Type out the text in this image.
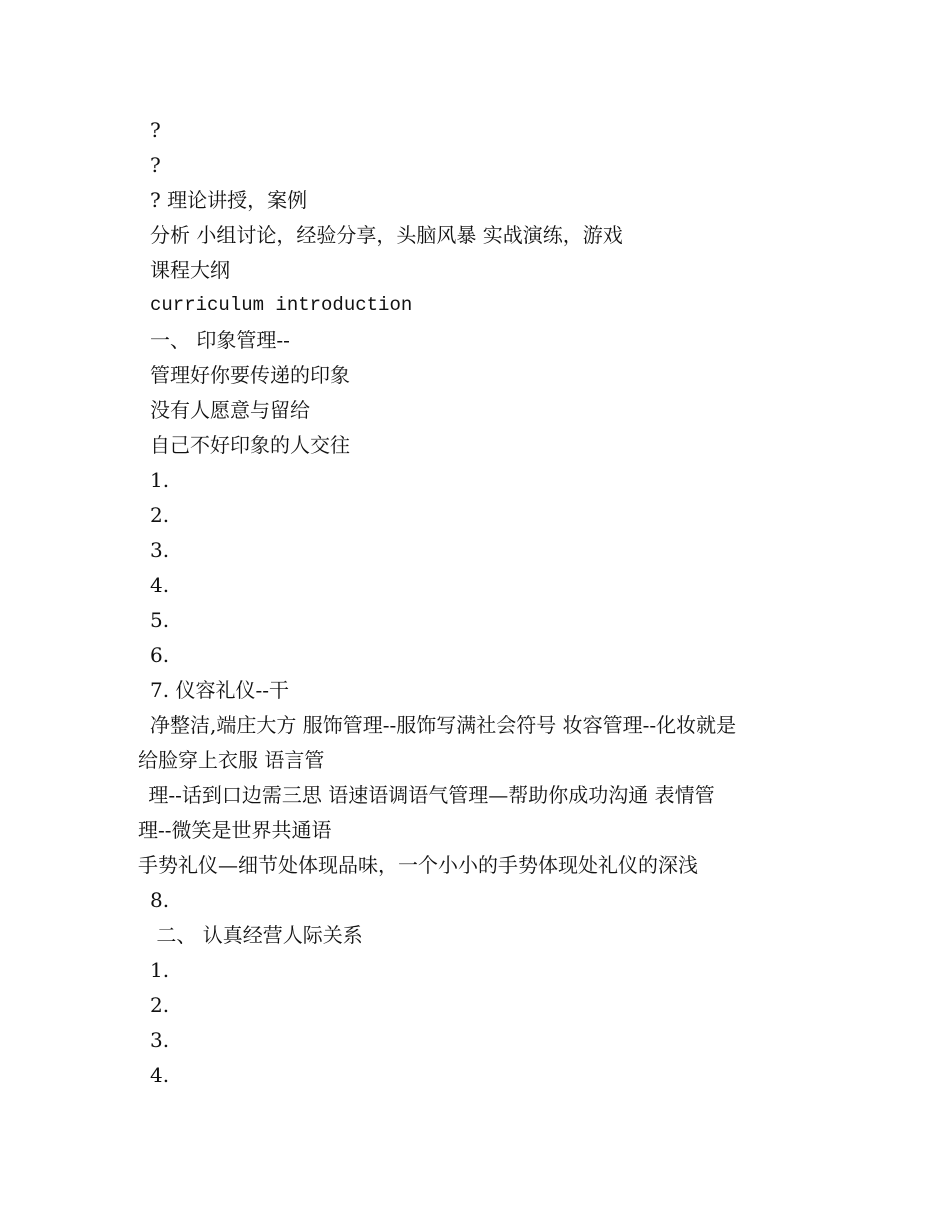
?
?
? 理论讲授，案例
分析 小组讨论，经验分享，头脑风暴 实战演练，游戏
课程大纲
curriculum introduction
一、 印象管理--
管理好你要传递的印象
没有人愿意与留给
自己不好印象的人交往
1.
2.
3.
4.
5.
6.
7. 仪容礼仪--干
净整洁,端庄大方 服饰管理--服饰写满社会符号 妆容管理--化妆就是
给脸穿上衣服 语言管
理--话到口边需三思 语速语调语气管理—帮助你成功沟通 表情管
理--微笑是世界共通语
手势礼仪—细节处体现品味，一个小小的手势体现处礼仪的深浅
8.
二、 认真经营人际关系
1.
2.
3.
4.
